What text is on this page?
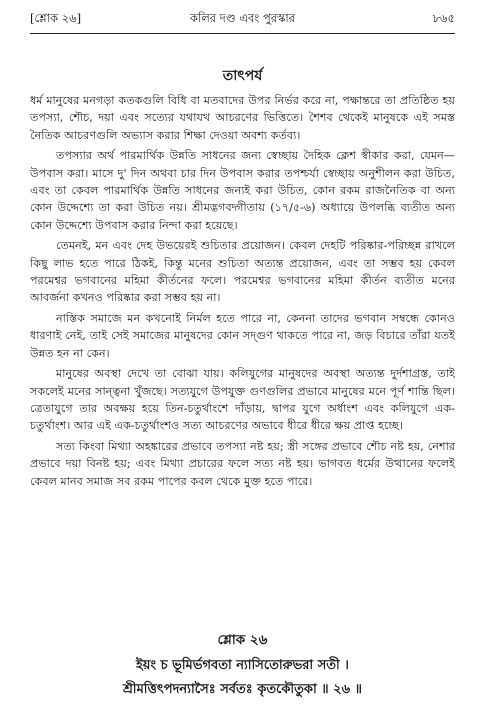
[শ্লোক ২৬]	কলির দণ্ড এবং পুরস্কার	৮৬৫
তাৎপর্য

ধর্ম মানুষের মনগড়া কতকগুলি বিধি বা মতবাদের উপর নির্ভর করে না, পক্ষান্তরে তা প্রতিষ্ঠিত হয় তপস্যা, শৌচ, দয়া এবং সত্যের যথাযথ আচরণের ভিত্তিতে। শৈশব থেকেই মানুষকে এই সমস্ত নৈতিক আচরণগুলি অভ্যাস করার শিক্ষা দেওয়া অবশ্য কর্তব্য।

তপস্যার অর্থ পারমার্থিক উন্নতি সাধনের জন্য স্বেচ্ছায় দৈহিক ক্লেশ স্বীকার করা, যেমন—উপবাস করা। মাসে দু' দিন অথবা চার দিন উপবাস করার তপশ্চর্যা স্বেচ্ছায় অনুশীলন করা উচিত, এবং তা কেবল পারমার্থিক উন্নতি সাধনের জন্যই করা উচিত, কোন রকম রাজনৈতিক বা অন্য কোন উদ্দেশ্যে তা করা উচিত নয়। শ্রীমদ্ভগবদ্গীতায় (১৭/৫-৬) অধ্যায়ে উপলব্ধি ব্যতীত অন্য কোন উদ্দেশ্যে উপবাস করার নিন্দা করা হয়েছে।

তেমনই, মন এবং দেহ উভয়েরই শুচিতার প্রয়োজন। কেবল দেহটি পরিষ্কার-পরিচ্ছন্ন রাখলে কিছু লাভ হতে পারে ঠিকই, কিন্তু মনের শুচিতা অত্যন্ত প্রয়োজন, এবং তা সম্ভব হয় কেবল পরমেশ্বর ভগবানের মহিমা কীর্তনের ফলে। পরমেশ্বর ভগবানের মহিমা কীর্তন ব্যতীত মনের আবর্জনা কখনও পরিষ্কার করা সম্ভব হয় না।

নাস্তিক সমাজে মন কখনোই নির্মল হতে পারে না, কেননা তাদের ভগবান সম্বন্ধে কোনও ধারণাই নেই, তাই সেই সমাজের মানুষদের কোন সদ্গুণ থাকতে পারে না, জড় বিচারে তাঁরা যতই উন্নত হন না কেন।

মানুষের অবস্থা দেখে তা বোঝা যায়। কলিযুগের মানুষদের অবস্থা অত্যন্ত দুর্দশাগ্রস্ত, তাই সকলেই মনের সান্ত্বনা খুঁজছে। সত্যযুগে উপযুক্ত গুণগুলির প্রভাবে মানুষের মনে পূর্ণ শান্তি ছিল। ত্রেতাযুগে তার অবক্ষয় হয়ে তিন-চতুর্থাংশে দাঁড়ায়, দ্বাপর যুগে অর্ধাংশ এবং কলিযুগে এক-চতুর্থাংশ। আর এই এক-চতুর্থাংশও সত্য আচরণের অভাবে ধীরে ধীরে ক্ষয় প্রাপ্ত হচ্ছে।

সত্য কিংবা মিথ্যা অহঙ্কারের প্রভাবে তপস্যা নষ্ট হয়; স্ত্রী সঙ্গের প্রভাবে শৌচ নষ্ট হয়, নেশার প্রভাবে দয়া বিনষ্ট হয়; এবং মিথ্যা প্রচারের ফলে সত্য নষ্ট হয়। ভাগবত ধর্মের উত্থানের ফলেই কেবল মানব সমাজ সব রকম পাপের কবল থেকে মুক্ত হতে পারে।

শ্লোক ২৬
ইয়ং চ ভূমির্ভগবতা ন্যাসিতোরুভরা সতী ।
শ্রীমত্তিৎপদন্যাসৈঃ সর্বতঃ কৃতকৌতুকা ॥ ২৬ ॥
